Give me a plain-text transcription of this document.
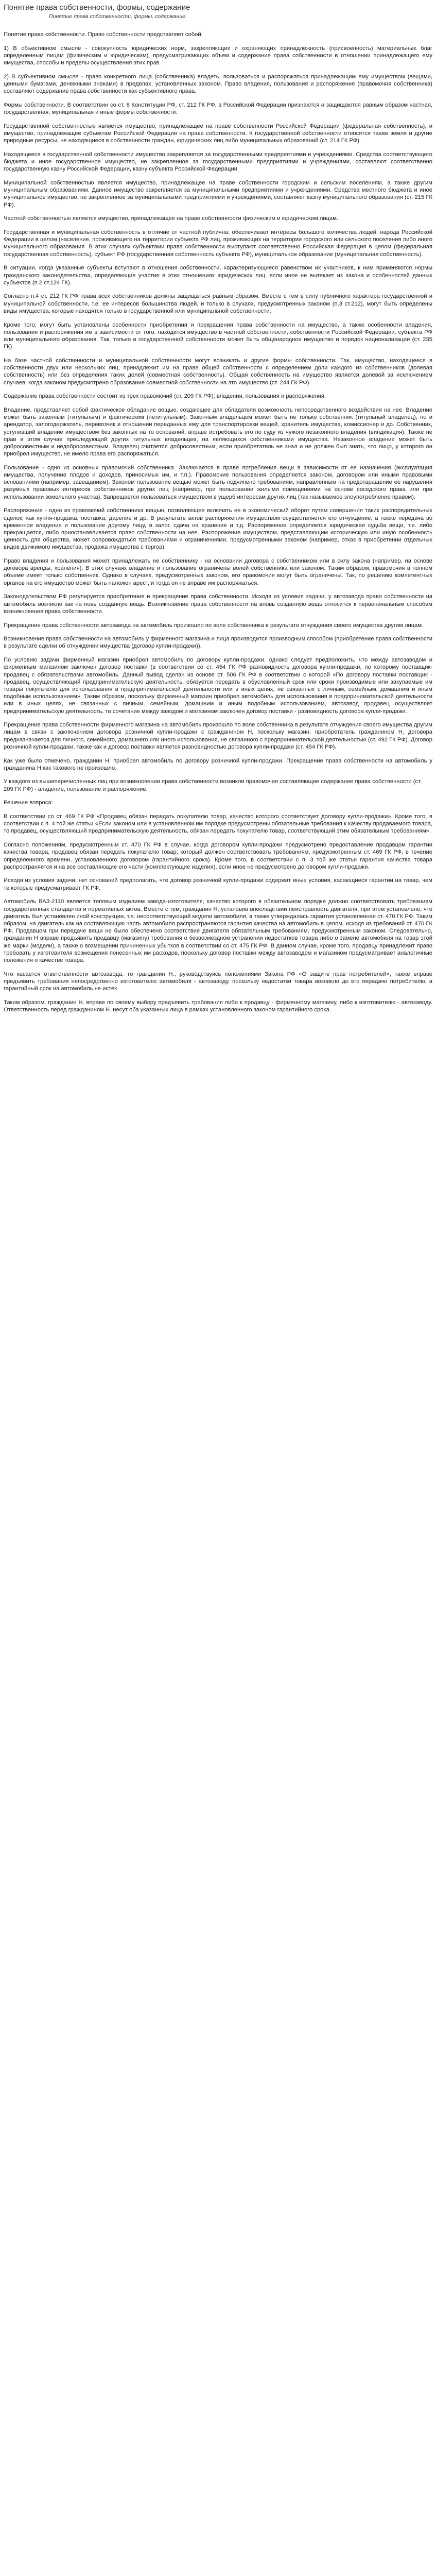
Понятие права собственности, формы, содержание
Понятие права собственности, формы, содержание.

Понятие права собственности. Право собственности представляет собой:

1) В объективном смысле - совокупность юридических норм, закрепляющих и охраняющих принадлежность (присвоенность) материальных благ определенным лицам (физическим и юридическим), предусматривающих объем и содержание права собственности в отношении принадлежащего ему имущества, способы и пределы осуществления этих прав.

2) В субъективном смысле - право конкретного лица (собственника) владеть, пользоваться и распоряжаться принадлежащим ему имуществом (вещами, ценными бумагами, денежными знаками) в пределах, установленных законом. Право владения, пользования и распоряжения (правомочия собственника) составляют содержание права собственности как субъективного права.

Формы собственности. В соответствии со ст. 8 Конституции РФ, ст. 212 ГК РФ, в Российской Федерации признаются и защищаются равным образом частная, государственная, муниципальная и иные формы собственности.

Государственной собственностью является имущество, принадлежащее на праве собственности Российской Федерации (федеральная собственность), и имущество, принадлежащее субъектам Российской Федерации на праве собственности. К государственной собственности относятся также земля и другие природные ресурсы, не находящиеся в собственности граждан, юридических лиц либо муниципальных образований (ст. 214 ГК РФ).

Находящееся в государственной собственности имущество закрепляется за государственными предприятиями и учреждениями. Средства соответствующего бюджета и иное государственное имущество, не закрепленное за государственными предприятиями и учреждениями, составляют соответственно государственную казну Российской Федерации, казну субъекта Российской Федерации.

Муниципальной собственностью является имущество, принадлежащее на праве собственности городским и сельским поселениям, а также другим муниципальным образованиям. Данное имущество закрепляется за муниципальными предприятиями и учреждениями. Средства местного бюджета и иное муниципальное имущество, не закрепленное за муниципальными предприятиями и учреждениями, составляют казну муниципального образования (ст. 215 ГК РФ).

Частной собственностью является имущество, принадлежащее на праве собственности физическим и юридическим лицам.

Государственная и муниципальная собственность в отличие от частной публична: обеспечивает интересы большого количества людей: народа Российской Федерации в целом (население, проживающего на территории субъекта РФ лиц, проживающих на территории городского или сельского поселения либо иного муниципального образования. В этих случаях субъектами права собственности выступают соответственно Российская Федерация в целом (федеральная государственная собственность), субъект РФ (государственная собственность субъекта РФ), муниципальное образование (муниципальная собственность).

В ситуации, когда указанные субъекты вступают в отношения собственности, характеризующиеся равенством их участников, к ним применяются нормы гражданского законодательства, определяющие участие в этих отношениях юридических лиц, если иное не вытекает из закона и особенностей данных субъектов (п.2 ст.124 ГК).

Согласно п.4 ст. 212 ГК РФ права всех собственников должны защищаться равным образом. Вместе с тем в силу публичного характера государственной и муниципальной собственности, т.е. ее интересов большинства людей, и только в случаях, предусмотренных законом (п.3 ст.212), могут быть определены виды имущества, которые находятся только в государственной или муниципальной собственности.

Кроме того, могут быть установлены особенности приобретения и прекращения права собственности на имущество, а также особенности владения, пользования и распоряжения им в зависимости от того, находится имущество в частной собственности, собственности Российской Федерации, субъекта РФ или муниципального образования. Так, только в государственной собственности может быть общенародное имущество и порядок национализации (ст. 235 ГК).

На базе частной собственности и муниципальной собственности могут возникать и другие формы собственности. Так, имущество, находящееся в собственности двух или нескольких лиц, принадлежит им на праве общей собственности с определением доли каждого из собственников (долевая собственность) или без определения таких долей (совместная собственность). Общая собственность на имущество является долевой за исключением случаев, когда законом предусмотрено образование совместной собственности на это имущество (ст. 244 ГК РФ).

Содержание права собственности состоит из трех правомочий (ст. 209 ГК РФ): владения, пользования и распоряжения.

Владение, представляет собой фактическое обладание вещью, создающее для обладателя возможность непосредственного воздействия на нее. Владение может быть законным (титульным) и фактическим (нетитульным). Законным владельцем может быть не только собственник (титульный владелец), но и арендатор, залогодержатель, перевозчик и отношении переданных ему для транспортировки вещей, хранитель имущества, комиссионер и до. Собственник, уступивший владение имуществом без законных на то оснований, вправе истребовать его по суду из чужого незаконного владения (виндикация). Также не прав в этом случае преследующий других титульных владельцев, на являющихся собственниками имущества. Незаконное владение может быть добросовестным и недобросовестным. Владелец считается добросовестным, если приобретатель не знал и не должен был знать, что лицо, у которого он приобрел имущество, не имело права его распоряжаться.

Пользование - одно из основных правомочий собственника. Заключается в праве потребления вещи в зависимости от ее назначения (эксплуатация имущества, получение плодов и доходов, приносимых им, и т.п.). Правомочие пользования определяется законом, договором или иными правовыми основаниями (например, завещанием). Законом пользование вещью может быть подчинено требованиям, направленным на предотвращение ее нарушения разумных правовых интересов собственников других лиц (например, при пользовании жилыми помещениями на основе соседского права или при использовании земельного участка). Запрещается пользоваться имуществом в ущерб интересам других лиц (так называемое злоупотребление правом).

Распоряжение - одно из правомочий собственника вещью, позволяющее включать ее в экономический оборот путем совершения таких распорядительных сделок, как купля-продажа, поставка, дарение и др. В результате актов распоряжения имуществом осуществляется его отчуждение, а также передача во временное владение и пользование другому лицу, в залог, сдача на хранение и т.д. Распоряжение определяется юридическая судьба вещи, т.е. либо прекращается, либо приостанавливается право собственности на нее. Распоряжение имуществом, представляющим историческую или иную особенность ценность для общества, может сопровождаться требованиями и ограничениями, предусмотренными законом (например, отказ в приобретении отдельных видов движимого имущества, продажа имущества с торгов).

Право владения и пользования может принадлежать не собственнику - на основании договора с собственником или в силу закона (например, на основе договора аренды, хранения). В этих случаях владение и пользование ограничены волей собственника или законом. Таким образом, правомочия в полном объеме имеет только собственник. Однако в случаях, предусмотренных законом, его правомочия могут быть ограничены. Так, по решению компетентных органов на его имущество может быть наложен арест, и тогда он не вправе им распоряжаться.

Законодательством РФ регулируется приобретение и прекращение права собственности. Исходя из условия задачи, у автозавода право собственности на автомобиль возникло как на новь созданную вещь. Возникновение права собственности на вновь созданную вещь относится к первоначальным способам возникновения права собственности.

Прекращение права собственности автозавода на автомобиль произошло по воле собственника в результате отчуждения своего имущества другим лицам.

Возникновение права собственности на автомобиль у фирменного магазина и лица производится производным способом (приобретение права собственности в результате сделки об отчуждении имущества (договор купли-продажи)).

По условию задачи фирменный магазин приобрел автомобиль по договору купли-продажи, однако следует предположить, что между автозаводом и фирменным магазином заключен договор поставки (в соответствии со ст. 454 ГК РФ разновидность договора купли-продажи, по которому поставщик-продавец с обязательствами автомобиль. Данный вывод сделан из основе ст. 506 ГК РФ в соответствии с которой «По договору поставки поставщик - продавец, осуществляющий предпринимательскую деятельность, обязуется передать в обусловленный срок или сроки производимые или закупаемые им товары покупателю для использования в предпринимательской деятельности или в иных целях, не связанных с личным, семейным, домашним и иным подобным использованием». Таким образом, поскольку фирменный магазин приобрел автомобиль для использования в предпринимательской деятельности или в иных целях, не связанных с личным, семейным, домашним и иным подобным использованием, автозавод продавец осуществляет предпринимательскую деятельность, то сочетание между заводом и магазином заключен договор поставки - разновидность договора купли-продажи.

Прекращение права собственности фирменного магазина на автомобиль произошло по воле собственника в результате отчуждения своего имущества другим лицам в связи с заключением договора розничной купли-продажи с гражданином Н, поскольку магазин, приобретатель гражданином Н, договора предназначается для личного, семейного, домашнего или иного использования, не связанного с предпринимательской деятельностью (ст. 492 ГК РФ). Договор розничной купли-продажи, также как и договор поставки является разновидностью договора купли-продажи (ст. 454 ГК РФ).

Как уже было отмечено, гражданин Н. приобрел автомобиль по договору розничной купли-продажи. Прекращение права собственности на автомобиль у гражданина Н как такового не произошло.

У каждого из вышеперечисленных лиц при возникновении права собственности возникли правомочия составляющие содержание права собственности (ст. 209 ГК РФ) - владение, пользование и распоряжение.

Решение вопроса:

В соответствии со ст. 469 ГК РФ «Продавец обязан передать покупателю товар, качество которого соответствует договору купли-продажи». Кроме того, в соответствии с п. 4 той же статьи «Если законом или в установленном им порядке предусмотрены обязательные требования к качеству продаваемого товара, то продавец, осуществляющий предпринимательскую деятельность, обязан передать покупателю товар, соответствующий этим обязательным требованиям».

Согласно положениям, предусмотренным ст. 470 ГК РФ в случае, когда договором купли-продажи предусмотрено предоставление продавцом гарантии качества товара, продавец обязан передать покупателю товар, который должен соответствовать требованиям, предусмотренным ст. 469 ГК РФ, в течение определенного времени, установленного договором (гарантийного срока). Кроме того, в соответствии с п. 3 той же статьи гарантия качества товара распространяется и на все составляющие его части (комплектующие изделия), если иное не предусмотрено договором купли-продажи.

Исходя из условия задачи, нет оснований предполагать, что договор розничной купли-продажи содержит иные условия, касающиеся гарантии на товар, чем те которые предусматривает ГК РФ.

Автомобиль ВАЗ-2110 является типовым изделием завода-изготовителя, качество которого в обязательном порядке должно соответствовать требованиям государственных стандартов и нормативных актов. Вместе с тем, гражданин Н, установив впоследствии неисправность двигателя, при этом установлено, что двигатель был установлен иной конструкции, т.е. несоответствующий модели автомобиля, а также утверждалась гарантия установленная ст. 470 ГК РФ. Таким образом, на двигатель как на составляющую часть автомобиля распространяются гарантия качества на автомобиль в целом, исходя из требований ст. 470 ГК РФ. Продавцом при передаче вещи не было обеспечено соответствие двигателя обязательным требованиям, предусмотренным законом. Следовательно, гражданин Н вправе предъявить продавцу (магазину) требования о безвозмездном устранении недостатков товара либо о замене автомобиля на товар этой же марки (модели), а также о возмещении причиненных убытков в соответствии со ст. 475 ГК РФ. В данном случае, кроме того, продавцу принадлежит право требовать у изготовителя возмещения понесенных им расходов, поскольку договор поставки между автозаводом и магазином предусматривает аналогичные положения о качестве товара.

Что касается ответственности автозавода, то гражданин Н., руководствуясь положениями Закона РФ «О защите прав потребителей», также вправе предъявить требования непосредственно изготовителю автомобиля - автозаводу, поскольку недостатки товара возникли до его передачи потребителю, а гарантийный срок на автомобиль не истек.

Таким образом, гражданин Н. вправе по своему выбору предъявить требования либо к продавцу - фирменному магазину, либо к изготовителю - автозаводу. Ответственность перед гражданином Н. несут оба указанных лица в рамках установленного законом гарантийного срока.
